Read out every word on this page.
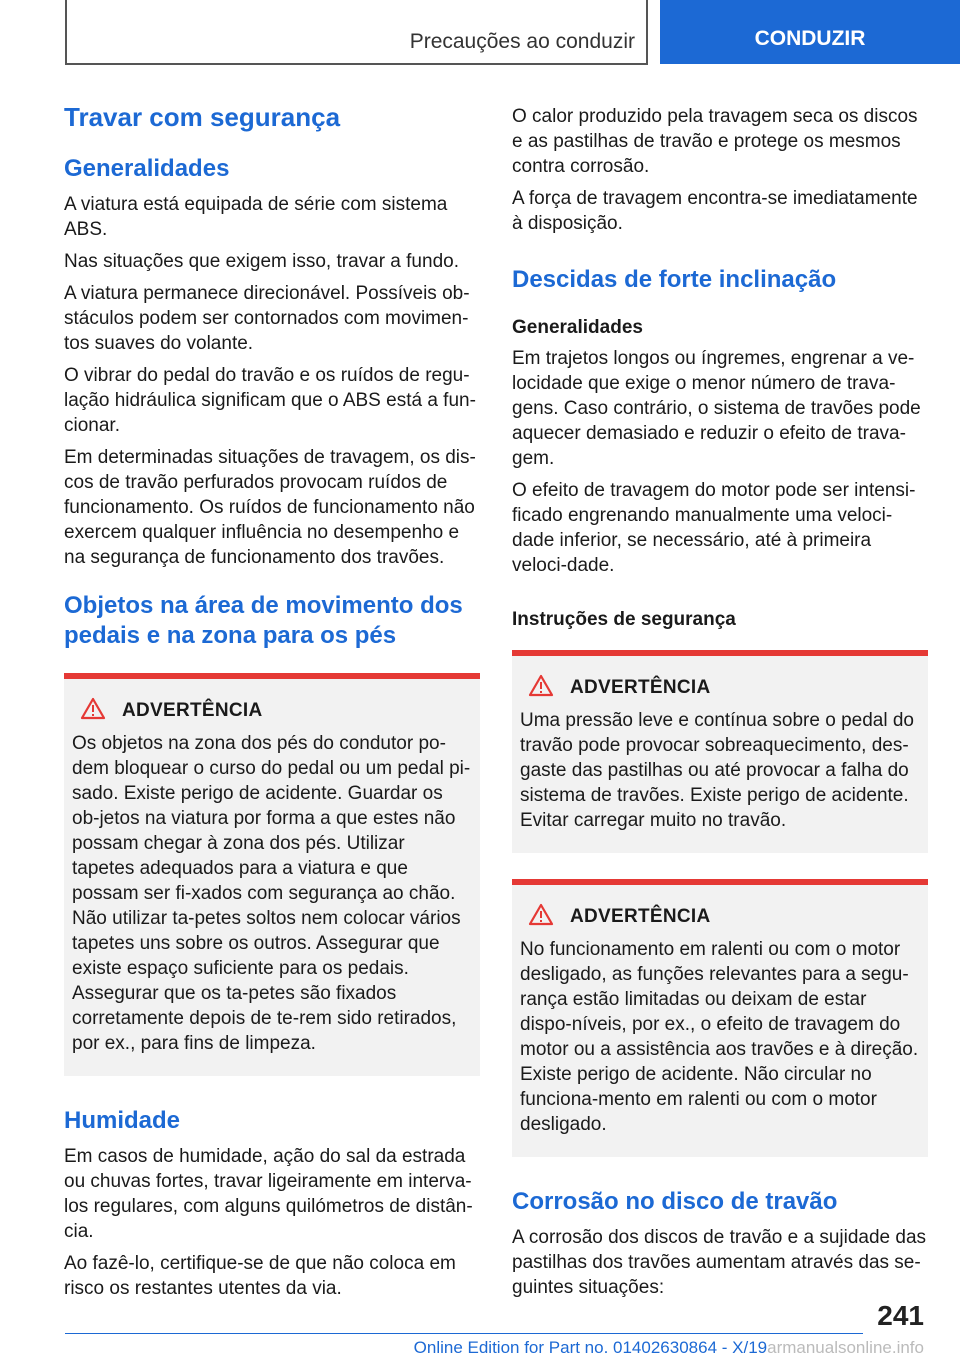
Precauções ao conduzir	CONDUZIR
Travar com segurança
Generalidades

A viatura está equipada de série com sistema ABS.

Nas situações que exigem isso, travar a fundo.

A viatura permanece direcionável. Possíveis ob-stáculos podem ser contornados com movimen-tos suaves do volante.

O vibrar do pedal do travão e os ruídos de regu-lação hidráulica significam que o ABS está a fun-cionar.

Em determinadas situações de travagem, os dis-cos de travão perfurados provocam ruídos de funcionamento. Os ruídos de funcionamento não exercem qualquer influência no desempenho e na segurança de funcionamento dos travões.

Objetos na área de movimento dos pedais e na zona para os pés
ADVERTÊNCIA

Os objetos na zona dos pés do condutor po-dem bloquear o curso do pedal ou um pedal pi-sado. Existe perigo de acidente. Guardar os ob-jetos na viatura por forma a que estes não possam chegar à zona dos pés. Utilizar tapetes adequados para a viatura e que possam ser fi-xados com segurança ao chão. Não utilizar ta-petes soltos nem colocar vários tapetes uns sobre os outros. Assegurar que existe espaço suficiente para os pedais. Assegurar que os ta-petes são fixados corretamente depois de te-rem sido retirados, por ex., para fins de limpeza.

Humidade

Em casos de humidade, ação do sal da estrada ou chuvas fortes, travar ligeiramente em interva-los regulares, com alguns quilómetros de distân-cia.

Ao fazê-lo, certifique-se de que não coloca em risco os restantes utentes da via.

O calor produzido pela travagem seca os discos e as pastilhas de travão e protege os mesmos contra corrosão.

A força de travagem encontra-se imediatamente à disposição.

Descidas de forte inclinação
Generalidades

Em trajetos longos ou íngremes, engrenar a ve-locidade que exige o menor número de trava-gens. Caso contrário, o sistema de travões pode aquecer demasiado e reduzir o efeito de trava-gem.

O efeito de travagem do motor pode ser intensi-ficado engrenando manualmente uma veloci-dade inferior, se necessário, até à primeira veloci-dade.

Instruções de segurança
ADVERTÊNCIA

Uma pressão leve e contínua sobre o pedal do travão pode provocar sobreaquecimento, des-gaste das pastilhas ou até provocar a falha do sistema de travões. Existe perigo de acidente. Evitar carregar muito no travão.

ADVERTÊNCIA

No funcionamento em ralenti ou com o motor desligado, as funções relevantes para a segu-rança estão limitadas ou deixam de estar dispo-níveis, por ex., o efeito de travagem do motor ou a assistência aos travões e à direção. Existe perigo de acidente. Não circular no funciona-mento em ralenti ou com o motor desligado.

Corrosão no disco de travão

A corrosão dos discos de travão e a sujidade das pastilhas dos travões aumentam através das se-guintes situações:

241
Online Edition for Part no. 01402630864 - X/19armanualsonline.info
